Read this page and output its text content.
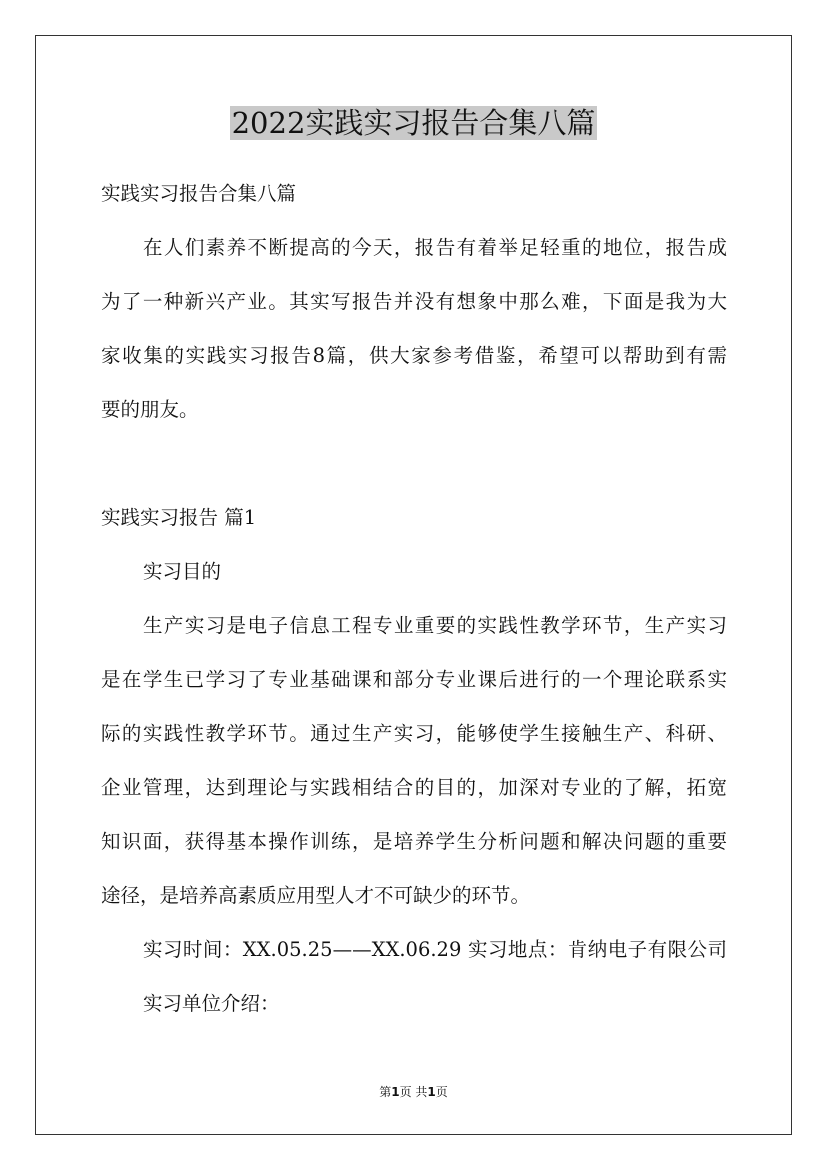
2022实践实习报告合集八篇

实践实习报告合集八篇

在人们素养不断提高的今天，报告有着举足轻重的地位，报告成

为了一种新兴产业。其实写报告并没有想象中那么难，下面是我为大

家收集的实践实习报告8篇，供大家参考借鉴，希望可以帮助到有需

要的朋友。

实践实习报告 篇1

实习目的

生产实习是电子信息工程专业重要的实践性教学环节，生产实习

是在学生已学习了专业基础课和部分专业课后进行的一个理论联系实

际的实践性教学环节。通过生产实习，能够使学生接触生产、科研、

企业管理，达到理论与实践相结合的目的，加深对专业的了解，拓宽

知识面，获得基本操作训练，是培养学生分析问题和解决问题的重要

途径，是培养高素质应用型人才不可缺少的环节。

实习时间：XX.05.25——XX.06.29 实习地点：肯纳电子有限公司

实习单位介绍：

第1页 共1页
